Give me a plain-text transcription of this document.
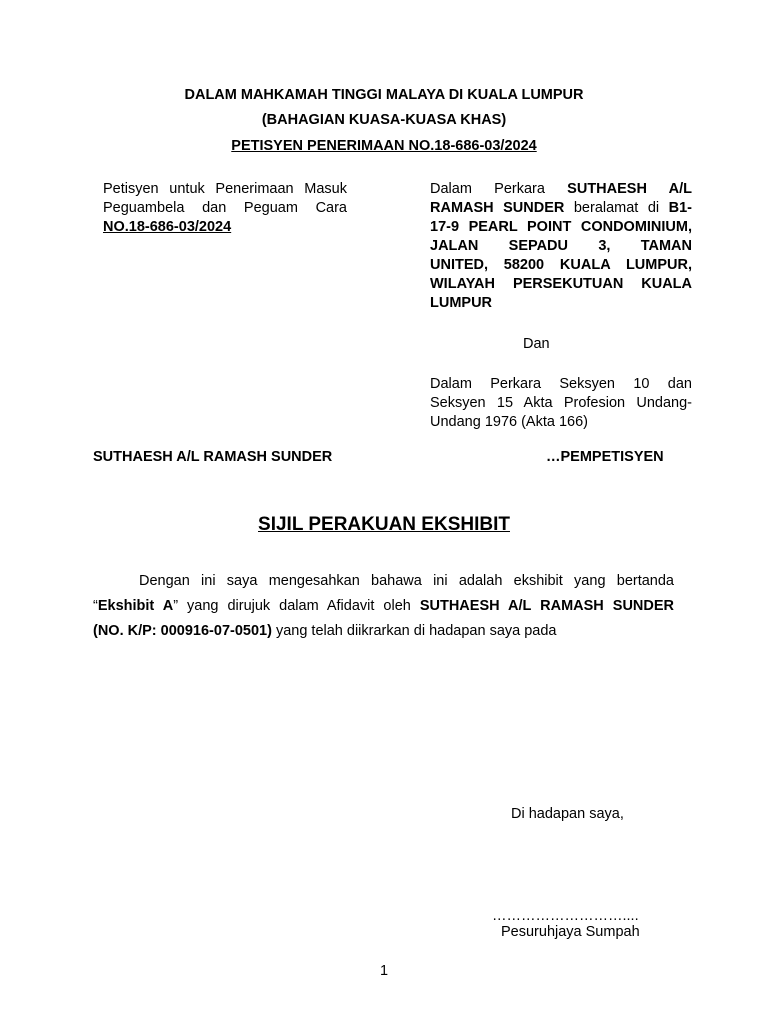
DALAM MAHKAMAH TINGGI MALAYA DI KUALA LUMPUR
(BAHAGIAN KUASA-KUASA KHAS)
PETISYEN PENERIMAAN NO.18-686-03/2024
Petisyen untuk Penerimaan Masuk
Peguambela dan Peguam Cara
NO.18-686-03/2024
Dalam Perkara SUTHAESH A/L
RAMASH SUNDER beralamat di B1-
17-9 PEARL POINT CONDOMINIUM,
JALAN SEPADU 3, TAMAN
UNITED, 58200 KUALA LUMPUR,
WILAYAH PERSEKUTUAN KUALA
LUMPUR
Dan
Dalam Perkara Seksyen 10 dan
Seksyen 15 Akta Profesion Undang-
Undang 1976 (Akta 166)
SUTHAESH A/L RAMASH SUNDER	…PEMPETISYEN
SIJIL PERAKUAN EKSHIBIT
Dengan ini saya mengesahkan bahawa ini adalah ekshibit yang bertanda
“Ekshibit A” yang dirujuk dalam Afidavit oleh SUTHAESH A/L RAMASH SUNDER
(NO. K/P: 000916-07-0501) yang telah diikrarkan di hadapan saya pada
Di hadapan saya,
………………………....
Pesuruhjaya Sumpah
1
